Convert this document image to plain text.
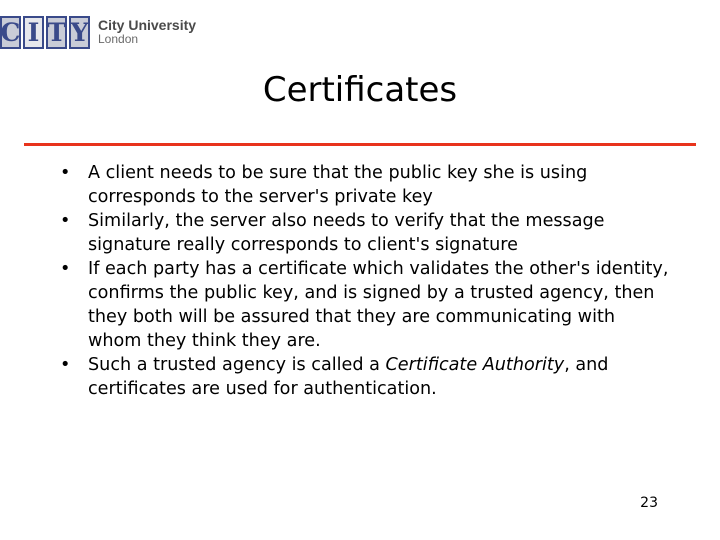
C I T Y City University
London
Certificates
• A client needs to be sure that the public key she is using corresponds to the server's private key
• Similarly, the server also needs to verify that the message signature really corresponds to client's signature
• If each party has a certificate which validates the other's identity, confirms the public key, and is signed by a trusted agency, then they both will be assured that they are communicating with whom they think they are.
• Such a trusted agency is called a Certificate Authority, and certificates are used for authentication.
23
